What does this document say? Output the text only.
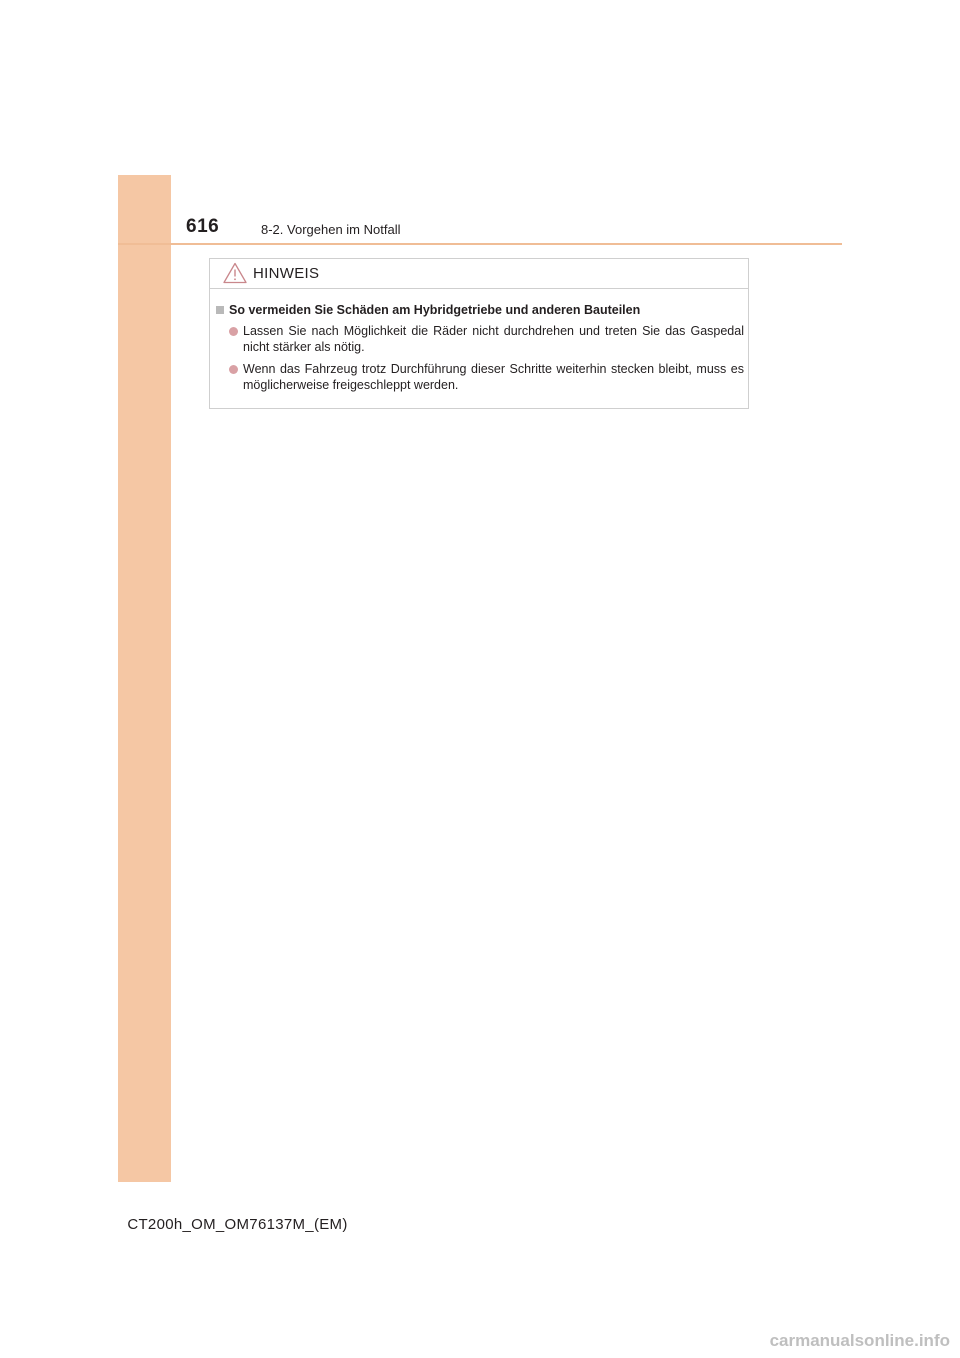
616	8-2. Vorgehen im Notfall
HINWEIS
So vermeiden Sie Schäden am Hybridgetriebe und anderen Bauteilen
Lassen Sie nach Möglichkeit die Räder nicht durchdrehen und treten Sie das Gaspedal nicht stärker als nötig.
Wenn das Fahrzeug trotz Durchführung dieser Schritte weiterhin stecken bleibt, muss es möglicherweise freigeschleppt werden.
CT200h_OM_OM76137M_(EM)
carmanualsonline.info
